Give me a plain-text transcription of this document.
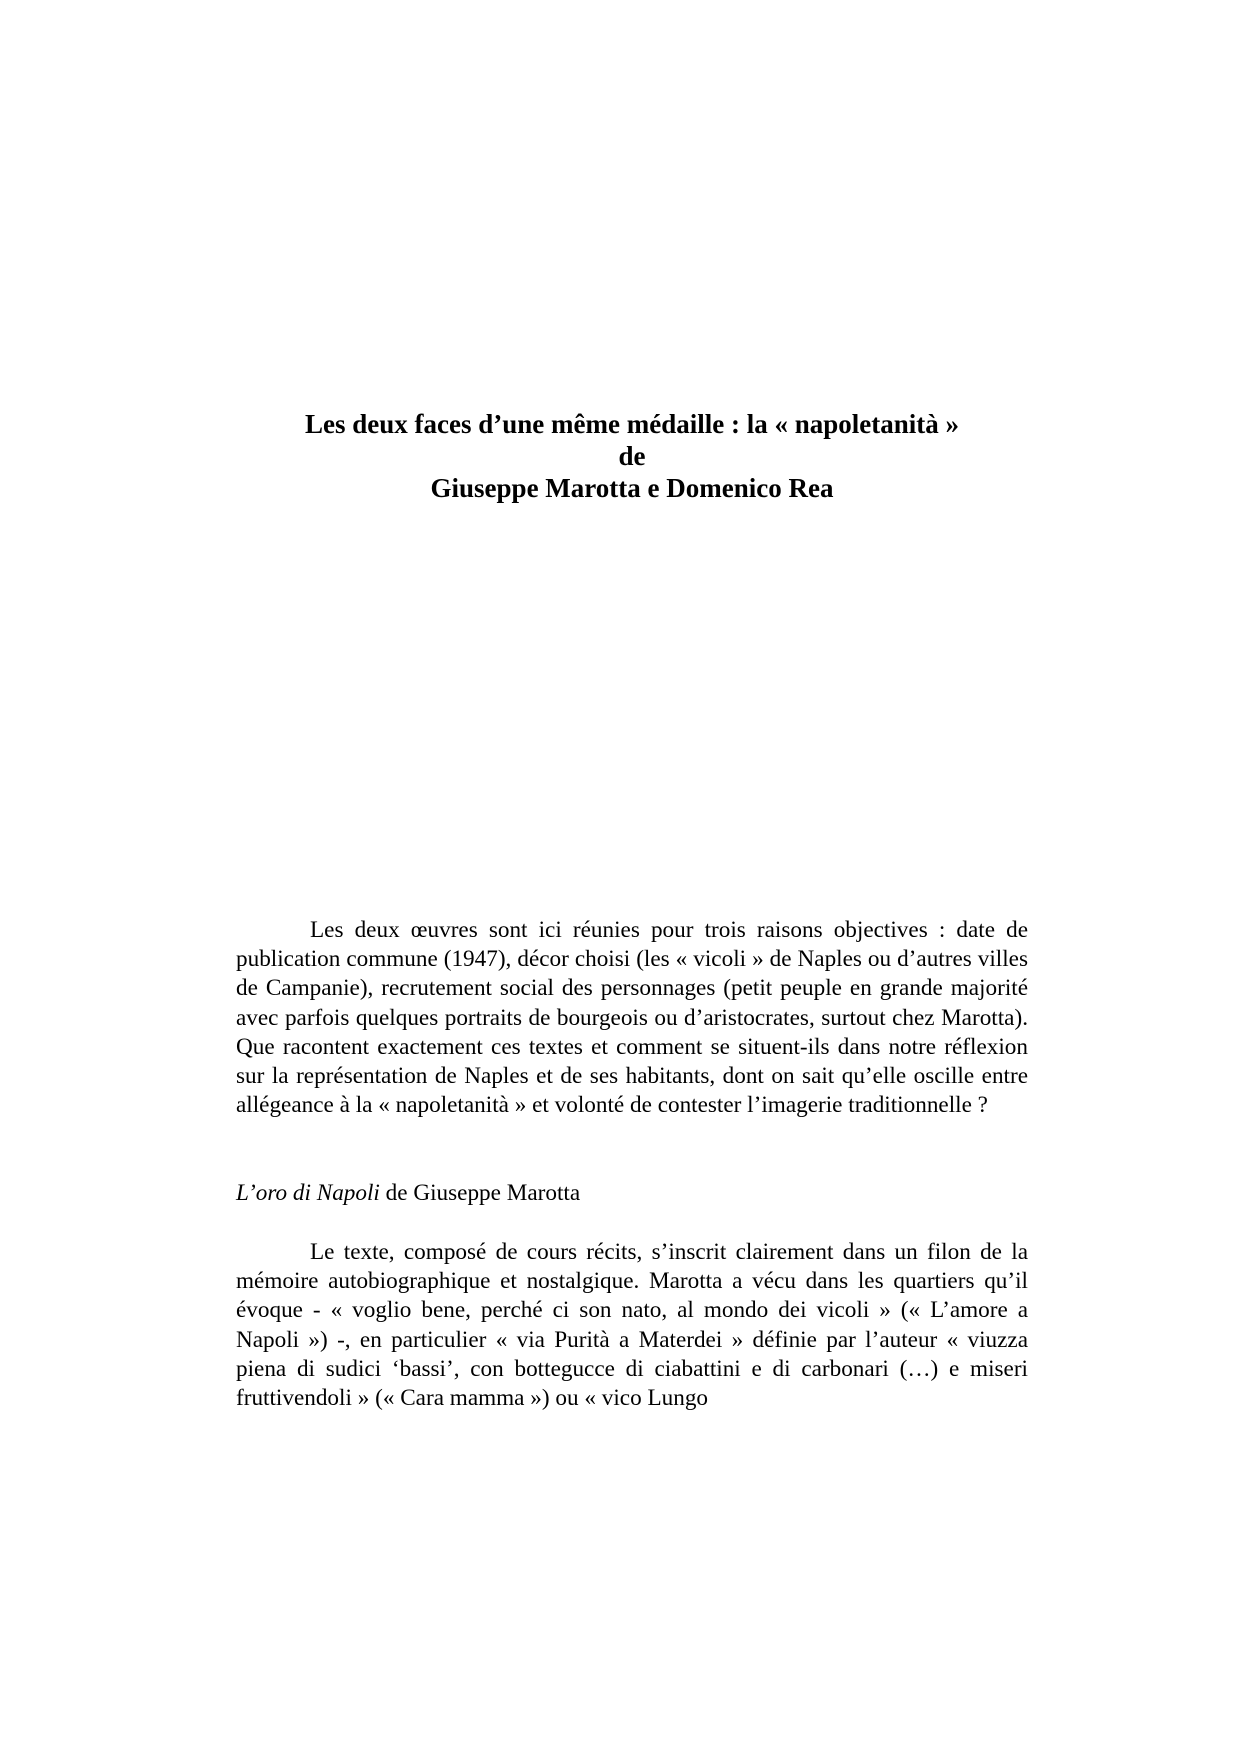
Les deux faces d’une même médaille : la « napoletanità »
de
Giuseppe Marotta e Domenico Rea

Les deux œuvres sont ici réunies pour trois raisons objectives : date de publication commune (1947), décor choisi (les « vicoli » de Naples ou d’autres villes de Campanie), recrutement social des personnages (petit peuple en grande majorité avec parfois quelques portraits de bourgeois ou d’aristocrates, surtout chez Marotta). Que racontent exactement ces textes et comment se situent-ils dans notre réflexion sur la représentation de Naples et de ses habitants, dont on sait qu’elle oscille entre allégeance à la « napoletanità » et volonté de contester l’imagerie traditionnelle ?

L’oro di Napoli de Giuseppe Marotta

Le texte, composé de cours récits, s’inscrit clairement dans un filon de la mémoire autobiographique et nostalgique. Marotta a vécu dans les quartiers qu’il évoque - « voglio bene, perché ci son nato, al mondo dei vicoli » (« L’amore a Napoli ») -, en particulier « via Purità a Materdei » définie par l’auteur « viuzza piena di sudici ‘bassi’, con bottegucce di ciabattini e di carbonari (…) e miseri fruttivendoli » (« Cara mamma ») ou « vico Lungo
